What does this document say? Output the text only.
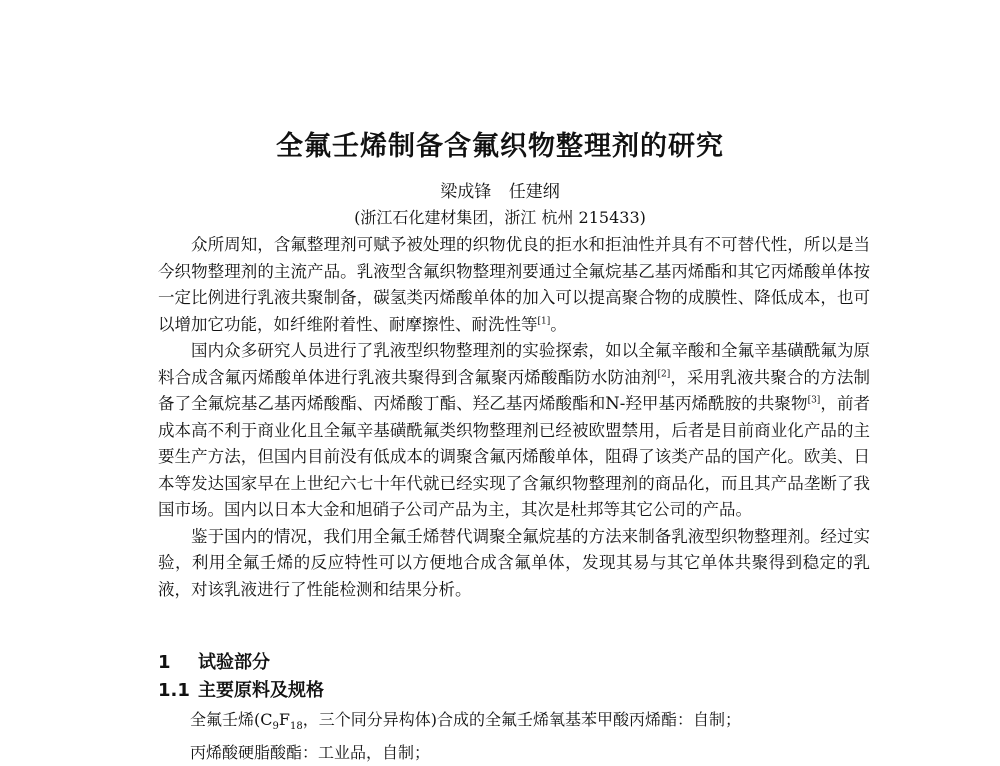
全氟壬烯制备含氟织物整理剂的研究
梁成锋 任建纲
(浙江石化建材集团，浙江 杭州 215433)

众所周知，含氟整理剂可赋予被处理的织物优良的拒水和拒油性并具有不可替代性，所以是当今织物整理剂的主流产品。乳液型含氟织物整理剂要通过全氟烷基乙基丙烯酯和其它丙烯酸单体按一定比例进行乳液共聚制备，碳氢类丙烯酸单体的加入可以提高聚合物的成膜性、降低成本，也可以增加它功能，如纤维附着性、耐摩擦性、耐洗性等[1]。

国内众多研究人员进行了乳液型织物整理剂的实验探索，如以全氟辛酸和全氟辛基磺酰氟为原料合成含氟丙烯酸单体进行乳液共聚得到含氟聚丙烯酸酯防水防油剂[2]，采用乳液共聚合的方法制备了全氟烷基乙基丙烯酸酯、丙烯酸丁酯、羟乙基丙烯酸酯和N-羟甲基丙烯酰胺的共聚物[3]，前者成本高不利于商业化且全氟辛基磺酰氟类织物整理剂已经被欧盟禁用，后者是目前商业化产品的主要生产方法，但国内目前没有低成本的调聚含氟丙烯酸单体，阻碍了该类产品的国产化。欧美、日本等发达国家早在上世纪六七十年代就已经实现了含氟织物整理剂的商品化，而且其产品垄断了我国市场。国内以日本大金和旭硝子公司产品为主，其次是杜邦等其它公司的产品。

鉴于国内的情况，我们用全氟壬烯替代调聚全氟烷基的方法来制备乳液型织物整理剂。经过实验，利用全氟壬烯的反应特性可以方便地合成含氟单体，发现其易与其它单体共聚得到稳定的乳液，对该乳液进行了性能检测和结果分析。

1 试验部分
1.1 主要原料及规格
全氟壬烯($C_9F_{18}$，三个同分异构体)合成的全氟壬烯氧基苯甲酸丙烯酯：自制；
丙烯酸硬脂酸酯：工业品，自制；
